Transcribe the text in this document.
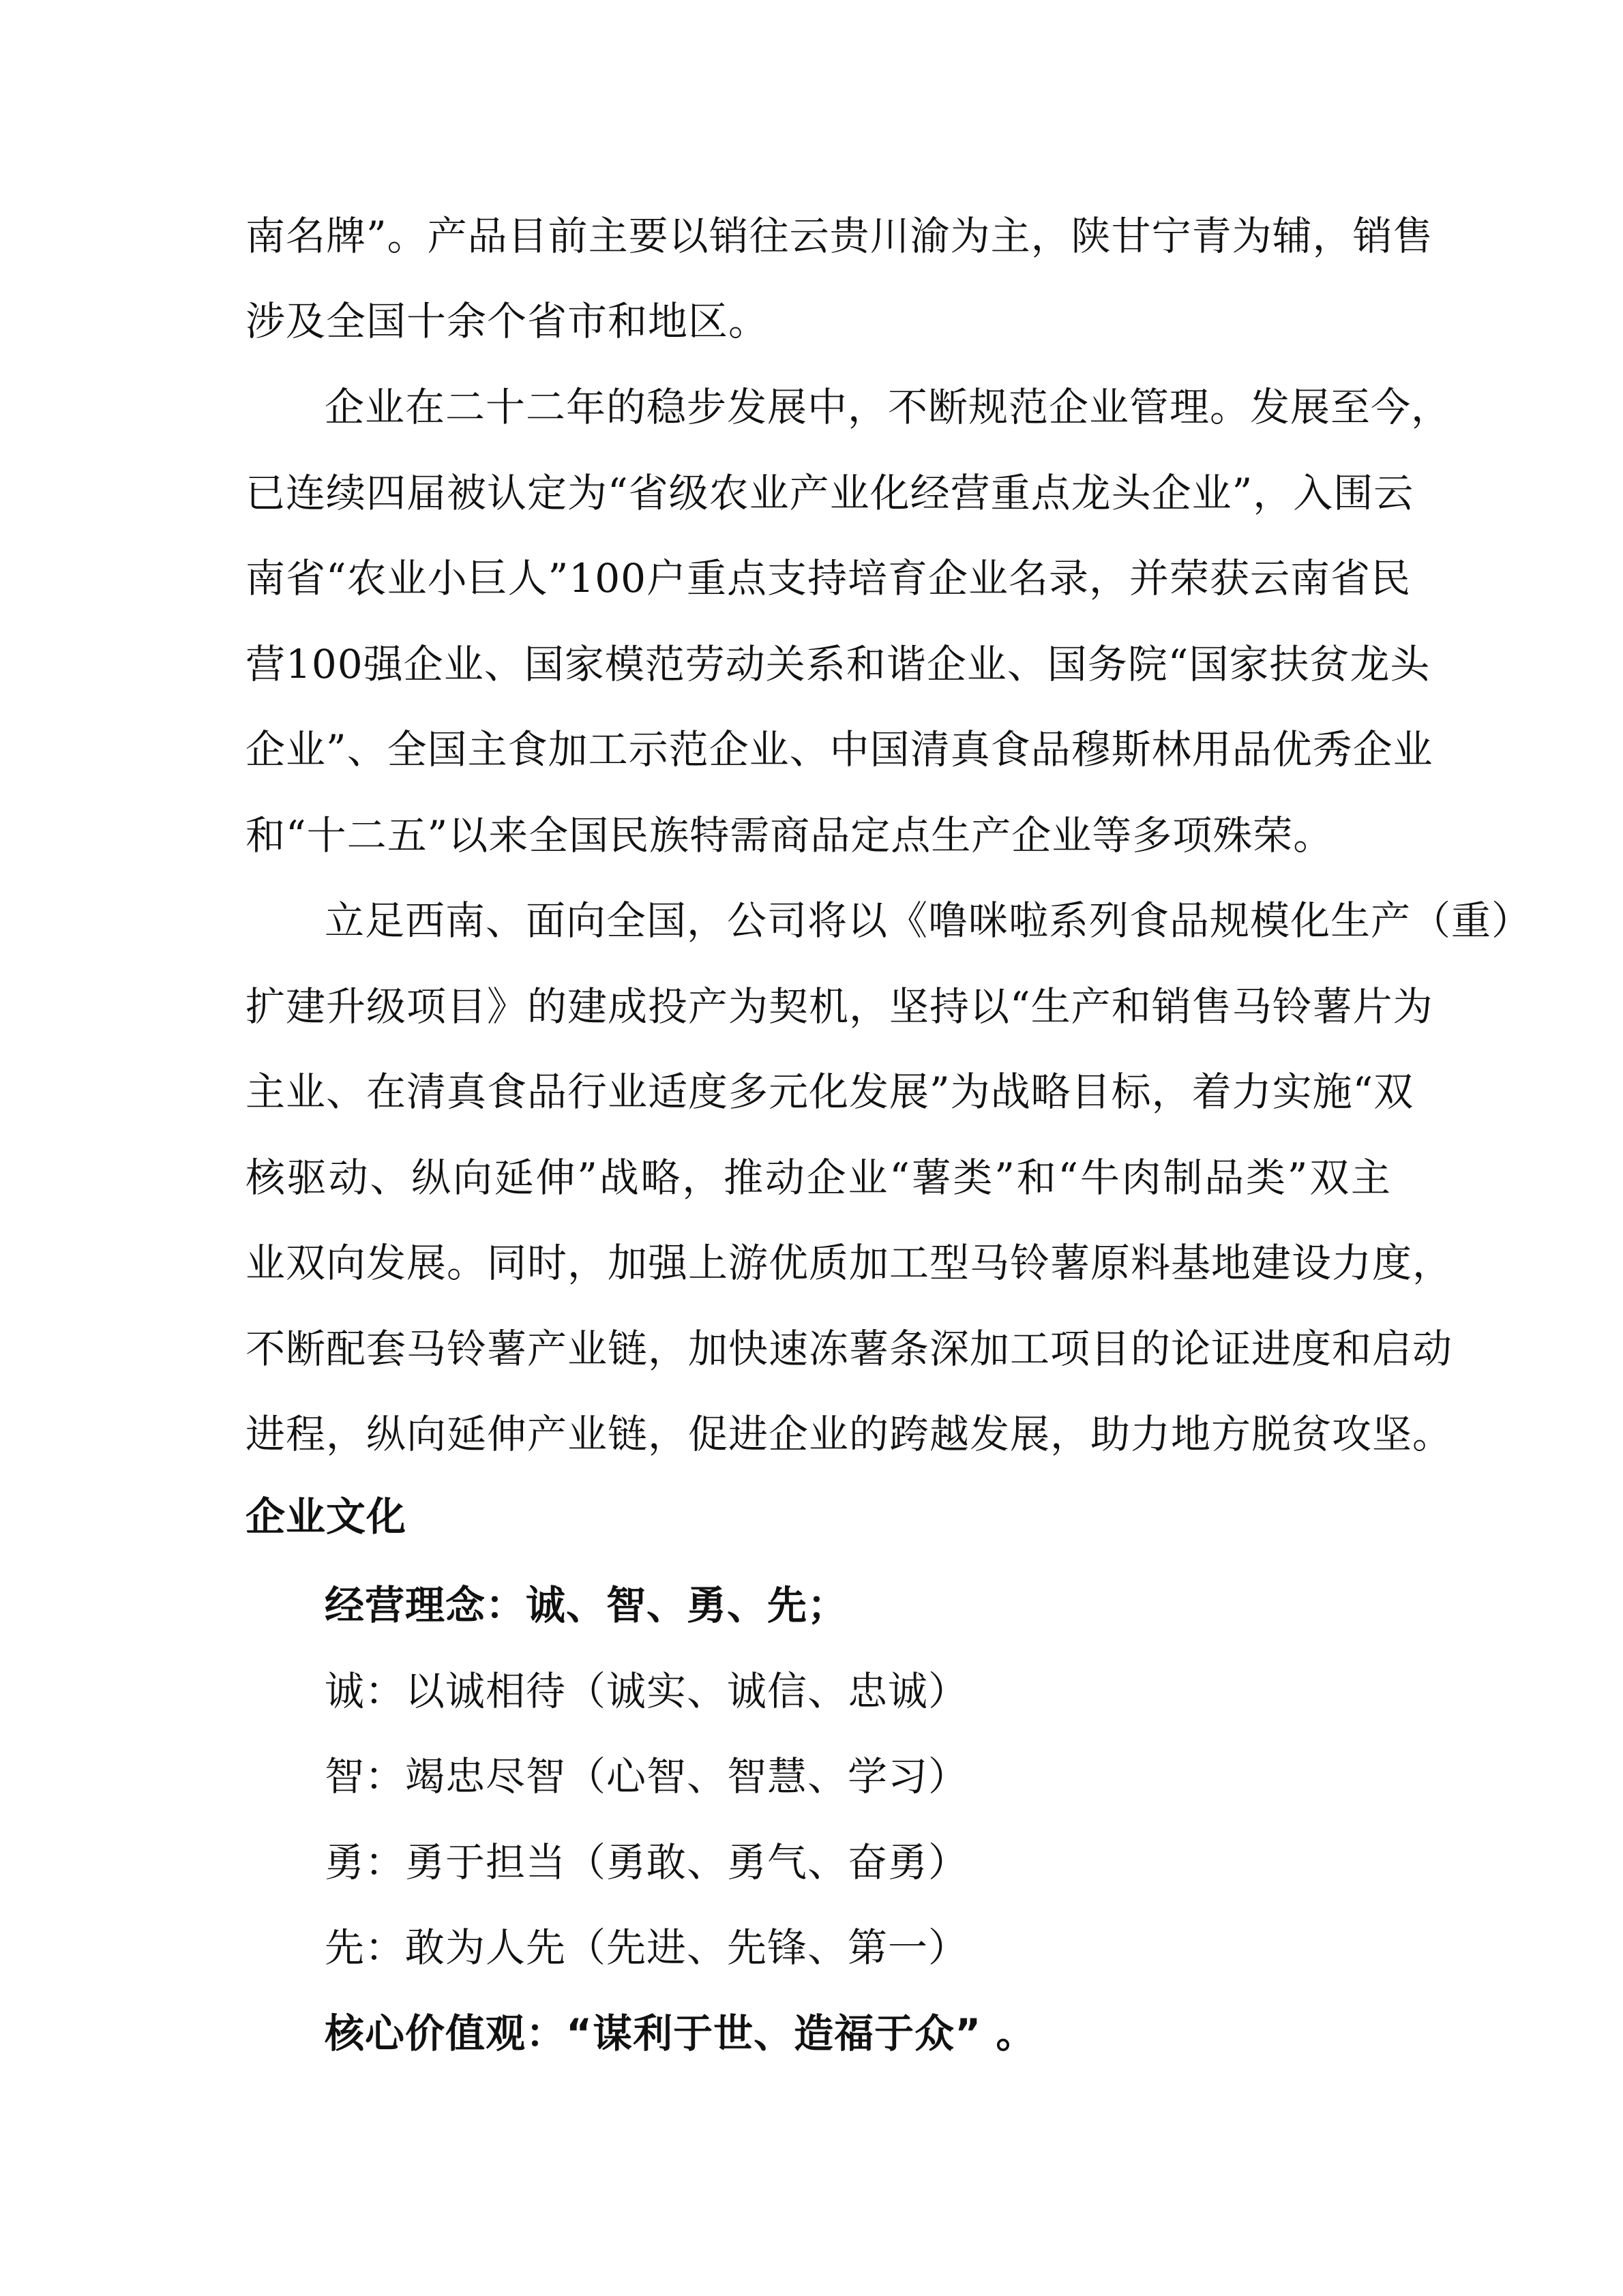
南名牌”。产品目前主要以销往云贵川渝为主，陕甘宁青为辅，销售
涉及全国十余个省市和地区。
企业在二十二年的稳步发展中，不断规范企业管理。发展至今，
已连续四届被认定为“省级农业产业化经营重点龙头企业”，入围云
南省“农业小巨人”100户重点支持培育企业名录，并荣获云南省民
营100强企业、国家模范劳动关系和谐企业、国务院“国家扶贫龙头
企业”、全国主食加工示范企业、中国清真食品穆斯林用品优秀企业
和“十二五”以来全国民族特需商品定点生产企业等多项殊荣。
立足西南、面向全国，公司将以《噜咪啦系列食品规模化生产（重）
扩建升级项目》的建成投产为契机，坚持以“生产和销售马铃薯片为
主业、在清真食品行业适度多元化发展”为战略目标，着力实施“双
核驱动、纵向延伸”战略，推动企业“薯类”和“牛肉制品类”双主
业双向发展。同时，加强上游优质加工型马铃薯原料基地建设力度，
不断配套马铃薯产业链，加快速冻薯条深加工项目的论证进度和启动
进程，纵向延伸产业链，促进企业的跨越发展，助力地方脱贫攻坚。
企业文化
经营理念：诚、智、勇、先；
诚：以诚相待（诚实、诚信、忠诚）
智：竭忠尽智（心智、智慧、学习）
勇：勇于担当（勇敢、勇气、奋勇）
先：敢为人先（先进、先锋、第一）
核心价值观：“谋利于世、造福于众” 。
